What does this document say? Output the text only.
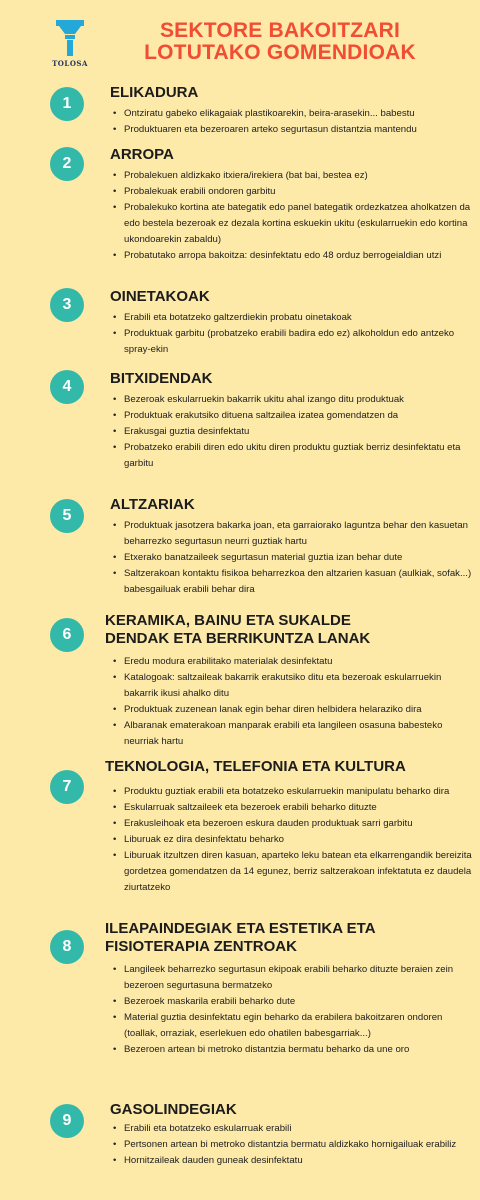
TOLOSA
SEKTORE BAKOITZARI
LOTUTAKO GOMENDIOAK
1
ELIKADURA
• Ontziratu gabeko elikagaiak plastikoarekin, beira-arasekin... babestu
• Produktuaren eta bezeroaren arteko segurtasun distantzia mantendu
2
ARROPA
• Probalekuen aldizkako itxiera/irekiera (bat bai, bestea ez)
• Probalekuak erabili ondoren garbitu
• Probalekuko kortina ate bategatik edo panel bategatik ordezkatzea aholkatzen da edo bestela bezeroak ez dezala kortina eskuekin ukitu (eskularruekin edo kortina ukondoarekin zabaldu)
• Probatutako arropa bakoitza: desinfektatu edo 48 orduz berrogeialdian utzi
3	OINETAKOAK
• Erabili eta botatzeko galtzerdiekin probatu oinetakoak
• Produktuak garbitu (probatzeko erabili badira edo ez) alkoholdun edo antzeko spray-ekin
4	BITXIDENDAK
• Bezeroak eskularruekin bakarrik ukitu ahal izango ditu produktuak
• Produktuak erakutsiko dituena saltzailea izatea gomendatzen da
• Erakusgai guztia desinfektatu
• Probatzeko erabili diren edo ukitu diren produktu guztiak berriz desinfektatu eta garbitu
5
ALTZARIAK
• Produktuak jasotzera bakarka joan, eta garraiorako laguntza behar den kasuetan beharrezko segurtasun neurri guztiak hartu
• Etxerako banatzaileek segurtasun material guztia izan behar dute
• Saltzerakoan kontaktu fisikoa beharrezkoa den altzarien kasuan (aulkiak, sofak...) babesgailuak erabili behar dira
6
KERAMIKA, BAINU ETA SUKALDE
DENDAK ETA BERRIKUNTZA LANAK
• Eredu modura erabilitako materialak desinfektatu
• Katalogoak: saltzaileak bakarrik erakutsiko ditu eta bezeroak eskularruekin bakarrik ikusi ahalko ditu
• Produktuak zuzenean lanak egin behar diren helbidera helaraziko dira
• Albaranak ematerakoan manparak erabili eta langileen osasuna babesteko neurriak hartu
7
TEKNOLOGIA, TELEFONIA ETA KULTURA
• Produktu guztiak erabili eta botatzeko eskularruekin manipulatu beharko dira
• Eskularruak saltzaileek eta bezeroek erabili beharko dituzte
• Erakusleihoak eta bezeroen eskura dauden produktuak sarri garbitu
• Liburuak ez dira desinfektatu beharko
• Liburuak itzultzen diren kasuan, aparteko leku batean eta elkarrengandik bereizita gordetzea gomendatzen da 14 egunez, berriz saltzerakoan infektatuta ez daudela ziurtatzeko
8
ILEAPAINDEGIAK ETA ESTETIKA ETA
FISIOTERAPIA ZENTROAK
• Langileek beharrezko segurtasun ekipoak erabili beharko dituzte beraien zein bezeroen segurtasuna bermatzeko
• Bezeroek maskarila erabili beharko dute
• Material guztia desinfektatu egin beharko da erabilera bakoitzaren ondoren (toallak, orraziak, eserlekuen edo ohatilen babesgarriak...)
• Bezeroen artean bi metroko distantzia bermatu beharko da une oro
9
GASOLINDEGIAK
• Erabili eta botatzeko eskularruak erabili
• Pertsonen artean bi metroko distantzia bermatu aldizkako hornigailuak erabiliz
• Hornitzaileak dauden guneak desinfektatu
